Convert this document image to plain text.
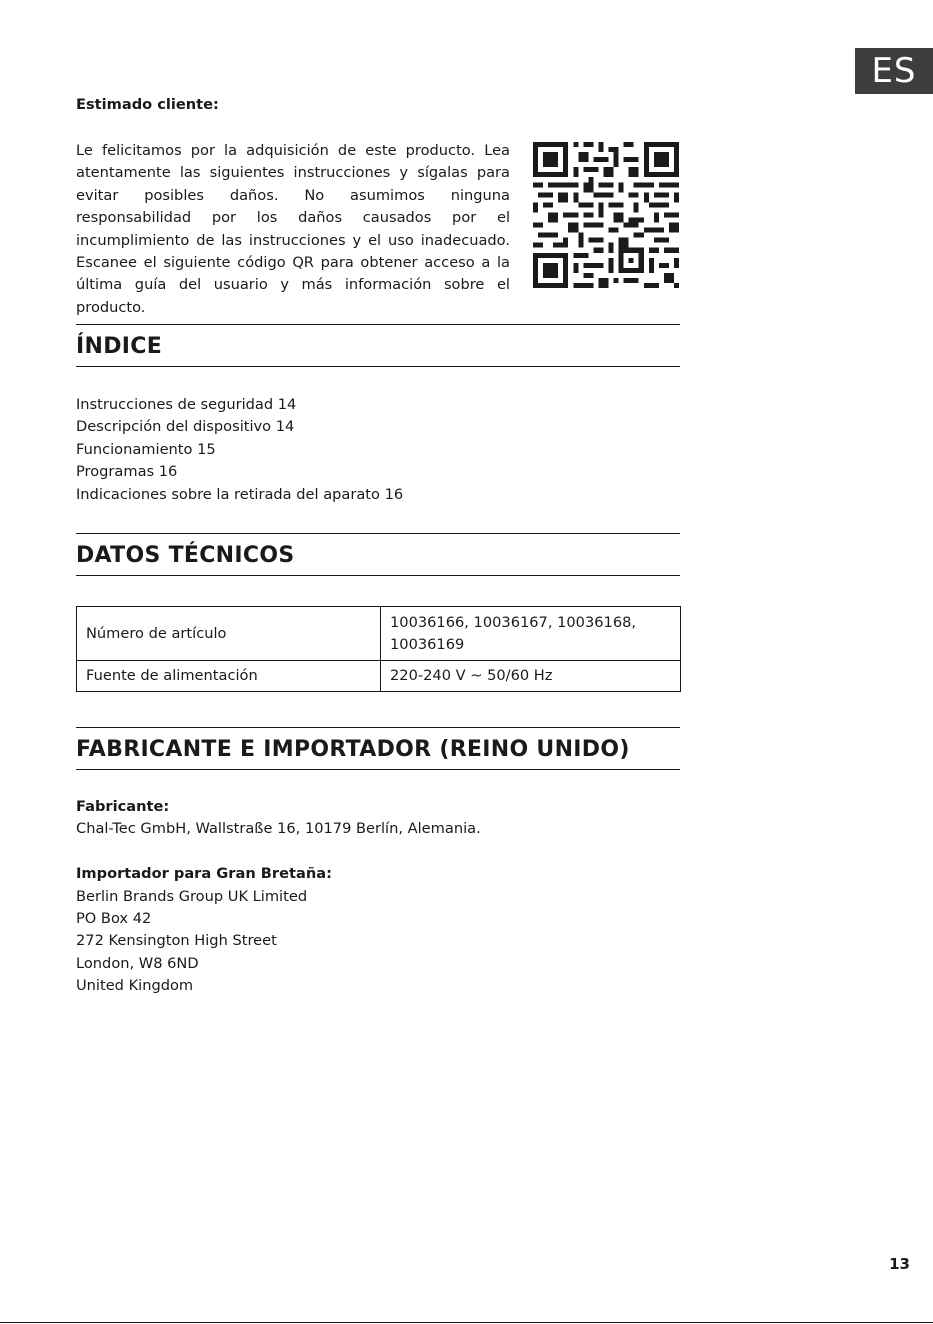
ES

Estimado cliente:

Le felicitamos por la adquisición de este producto. Lea atentamente las siguientes instrucciones y sígalas para evitar posibles daños. No asumimos ninguna responsabilidad por los daños causados por el incumplimiento de las instrucciones y el uso inadecuado. Escanee el siguiente código QR para obtener acceso a la última guía del usuario y más información sobre el producto.

ÍNDICE

Instrucciones de seguridad 14

Descripción del dispositivo 14

Funcionamiento 15

Programas 16

Indicaciones sobre la retirada del aparato 16

DATOS TÉCNICOS
Número de artículo	10036166, 10036167, 10036168,
10036169

Fuente de alimentación	220-240 V ~ 50/60 Hz
FABRICANTE E IMPORTADOR (REINO UNIDO)

Fabricante:

Chal-Tec GmbH, Wallstraße 16, 10179 Berlín, Alemania.

Importador para Gran Bretaña:

Berlin Brands Group UK Limited

PO Box 42

272 Kensington High Street

London, W8 6ND

United Kingdom

13
